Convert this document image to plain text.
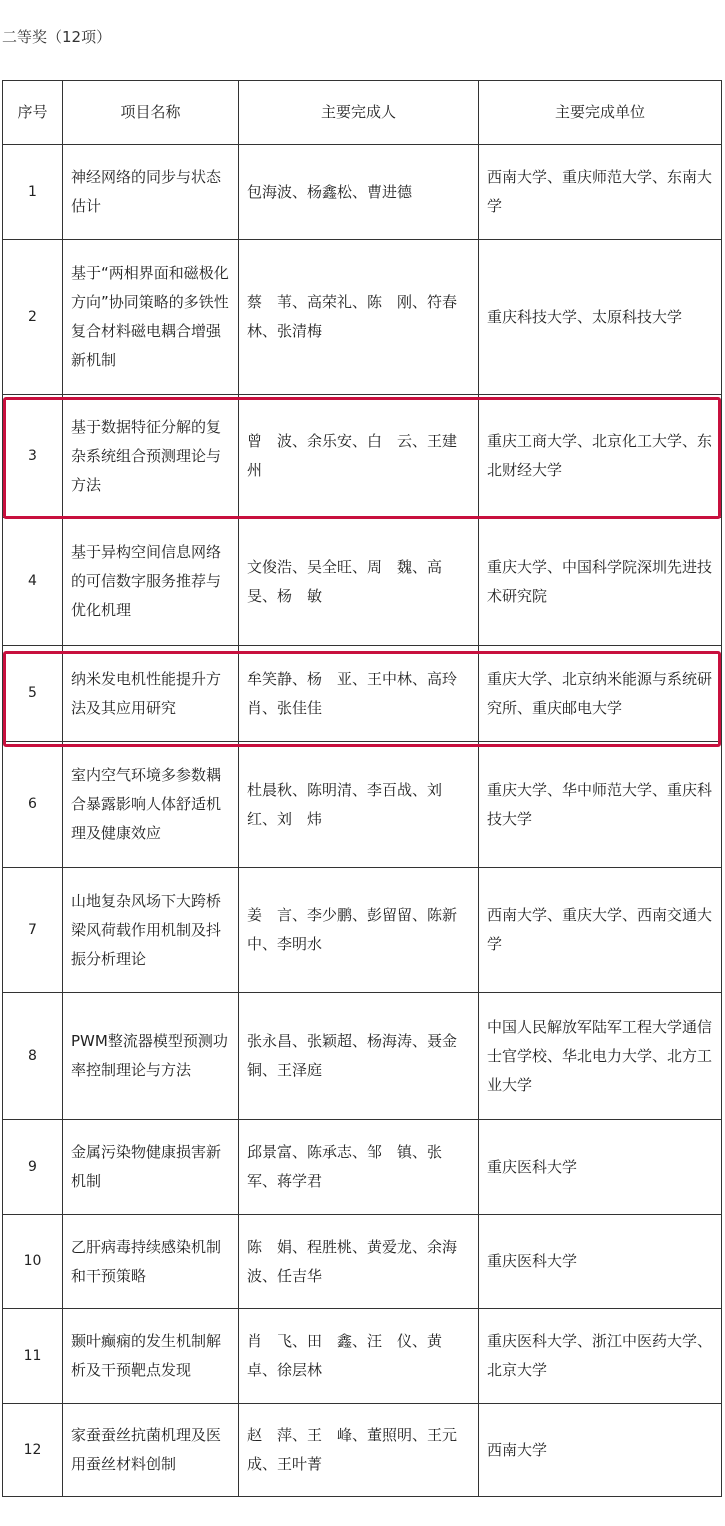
二等奖（12项）
序号	项目名称	主要完成人	主要完成单位
1	神经网络的同步与状态估计	包海波、杨鑫松、曹进德	西南大学、重庆师范大学、东南大学
2	基于“两相界面和磁极化方向”协同策略的多铁性复合材料磁电耦合增强新机制	蔡　苇、高荣礼、陈　刚、符春林、张清梅	重庆科技大学、太原科技大学
3	基于数据特征分解的复杂系统组合预测理论与方法	曾　波、余乐安、白　云、王建州	重庆工商大学、北京化工大学、东北财经大学
4	基于异构空间信息网络的可信数字服务推荐与优化机理	文俊浩、吴全旺、周　魏、高　旻、杨　敏	重庆大学、中国科学院深圳先进技术研究院
5	纳米发电机性能提升方法及其应用研究	牟笑静、杨　亚、王中林、高玲肖、张佳佳	重庆大学、北京纳米能源与系统研究所、重庆邮电大学
6	室内空气环境多参数耦合暴露影响人体舒适机理及健康效应	杜晨秋、陈明清、李百战、刘　红、刘　炜	重庆大学、华中师范大学、重庆科技大学
7	山地复杂风场下大跨桥梁风荷载作用机制及抖振分析理论	姜　言、李少鹏、彭留留、陈新中、李明水	西南大学、重庆大学、西南交通大学
8	PWM整流器模型预测功率控制理论与方法	张永昌、张颖超、杨海涛、聂金铜、王泽庭	中国人民解放军陆军工程大学通信士官学校、华北电力大学、北方工业大学
9	金属污染物健康损害新机制	邱景富、陈承志、邹　镇、张　军、蒋学君	重庆医科大学
10	乙肝病毒持续感染机制和干预策略	陈　娟、程胜桃、黄爱龙、余海波、任吉华	重庆医科大学
11	颞叶癫痫的发生机制解析及干预靶点发现	肖　飞、田　鑫、汪　仪、黄　卓、徐层林	重庆医科大学、浙江中医药大学、北京大学
12	家蚕蚕丝抗菌机理及医用蚕丝材料创制	赵　萍、王　峰、董照明、王元成、王叶菁	西南大学
